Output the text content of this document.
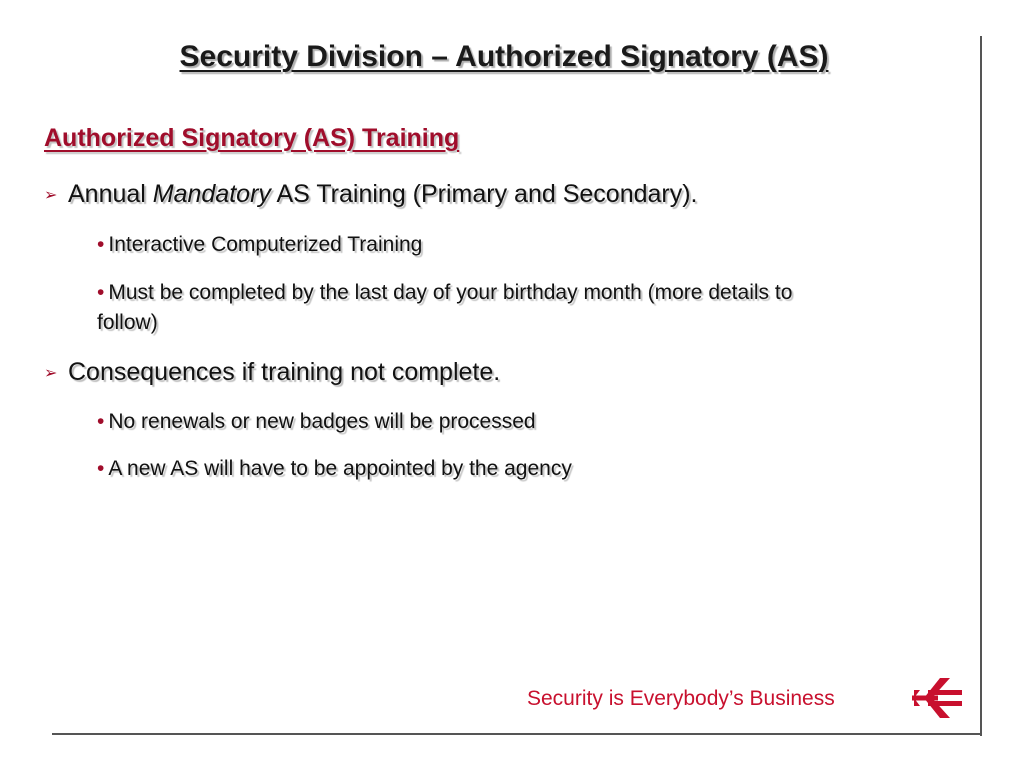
Security Division – Authorized Signatory (AS)
Authorized Signatory (AS) Training
➢ Annual Mandatory AS Training (Primary and Secondary).
• Interactive Computerized Training
• Must be completed by the last day of your birthday month (more details to follow)
➢ Consequences if training not complete.
• No renewals or new badges will be processed
• A new AS will have to be appointed by the agency
Security is Everybody’s Business
